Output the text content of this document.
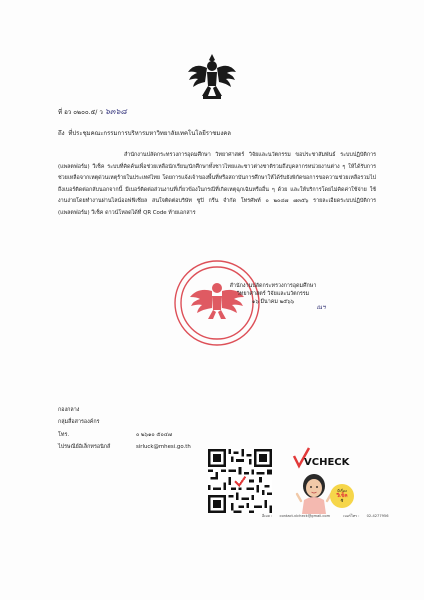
ที่ อว ๐๒๐๐.๕/ ว ๖๓๖๘
ถึง ที่ประชุมคณะกรรมการบริหารมหาวิทยาลัยเทคโนโลยีราชมงคล

สำนักงานปลัดกระทรวงการอุดมศึกษา วิทยาศาสตร์ วิจัยและนวัตกรรม ขอประชาสัมพันธ์ ระบบปฏิบัติการ (แพลตฟอร์ม) วีเช็ค ระบบที่คิดค้นเพื่อช่วยเหลือนักเรียน/นักศึกษาทั้งชาวไทยและชาวต่างชาติรวมถึงบุคลากรหน่วยงานต่าง ๆ ให้ได้รับการช่วยเหลือจากเหตุด่วนเหตุร้ายในประเทศไทย โดยการแจ้งเจ้าของพื้นที่หรือสถาบันการศึกษาให้ได้รับยังพิกัดขอการขอความช่วยเหลือรวมไปถึงเบอร์ติดต่อกลับนอกจากนี้ มีเบอร์ติดต่อส่วนงานที่เกี่ยวข้องในกรณีที่เกิดเหตุฉุกเฉินหรืออื่น ๆ ด้วย และให้บริการโดยไม่คิดค่าใช้จ่าย ใช้งานง่ายโดยทำงานผ่านไลน์ออฟฟิเชียล สนใจติดต่อบริษัท ซูปิ กรีน จำกัด โทรศัพท์ ๐ ๒๐๔๗ ๗๓๕๖ รายละเอียดระบบปฏิบัติการ (แพลตฟอร์ม) วีเช็ค ดาวน์โหลดได้ที่ QR Code ท้ายเอกสาร

สำนักงานปลัดกระทรวงการอุดมศึกษา
วิทยาศาสตร์ วิจัยและนวัตกรรม
๑๖ มีนาคม ๒๕๖๖
ณฯ
กองกลาง
กลุ่มสื่อสารองค์กร
โทร.	๐ ๒๖๑๐ ๕๐๔๗
ไปรษณีย์อิเล็กทรอนิกส์	sirluck@mhesi.go.th
VCHECK
มีเรื่อง
วีเช็ค
ซิ
อีเมล : contact.vlcheck@gmail.com	เบอร์โทร : 02-4277956
